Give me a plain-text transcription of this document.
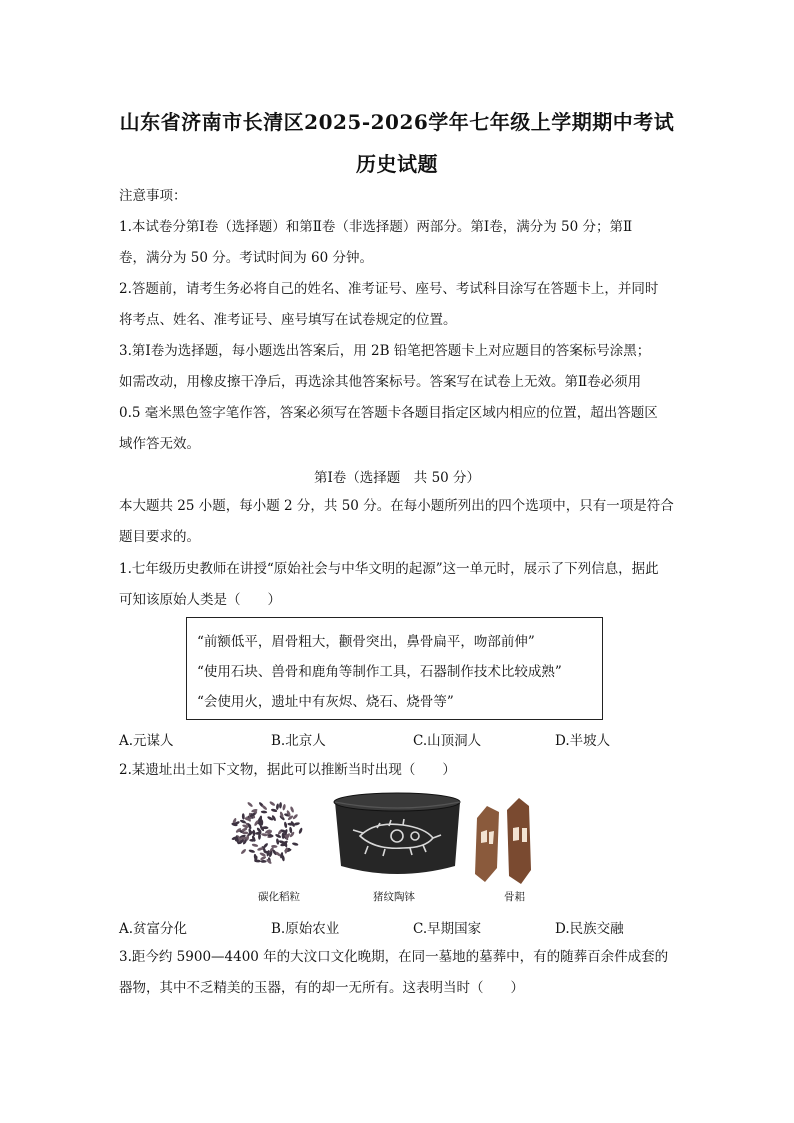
山东省济南市长清区2025-2026学年七年级上学期期中考试
历史试题
注意事项：
1.本试卷分第Ⅰ卷（选择题）和第Ⅱ卷（非选择题）两部分。第Ⅰ卷，满分为 50 分；第Ⅱ
卷，满分为 50 分。考试时间为 60 分钟。
2.答题前，请考生务必将自己的姓名、准考证号、座号、考试科目涂写在答题卡上，并同时
将考点、姓名、准考证号、座号填写在试卷规定的位置。
3.第Ⅰ卷为选择题，每小题选出答案后，用 2B 铅笔把答题卡上对应题目的答案标号涂黑；
如需改动，用橡皮擦干净后，再选涂其他答案标号。答案写在试卷上无效。第Ⅱ卷必须用
0.5 毫米黑色签字笔作答，答案必须写在答题卡各题目指定区域内相应的位置，超出答题区
域作答无效。
第Ⅰ卷（选择题　共 50 分）
本大题共 25 小题，每小题 2 分，共 50 分。在每小题所列出的四个选项中，只有一项是符合
题目要求的。
1.七年级历史教师在讲授“原始社会与中华文明的起源”这一单元时，展示了下列信息，据此
可知该原始人类是（　　）
“前额低平，眉骨粗大，颧骨突出，鼻骨扁平，吻部前伸”
“使用石块、兽骨和鹿角等制作工具，石器制作技术比较成熟”
“会使用火，遗址中有灰烬、烧石、烧骨等”
A.元谋人	B.北京人	C.山顶洞人	D.半坡人
2.某遗址出土如下文物，据此可以推断当时出现（　　）
碳化稻粒	猪纹陶钵	骨耜
A.贫富分化	B.原始农业	C.早期国家	D.民族交融
3.距今约 5900—4400 年的大汶口文化晚期，在同一墓地的墓葬中，有的随葬百余件成套的
器物，其中不乏精美的玉器，有的却一无所有。这表明当时（　　）
